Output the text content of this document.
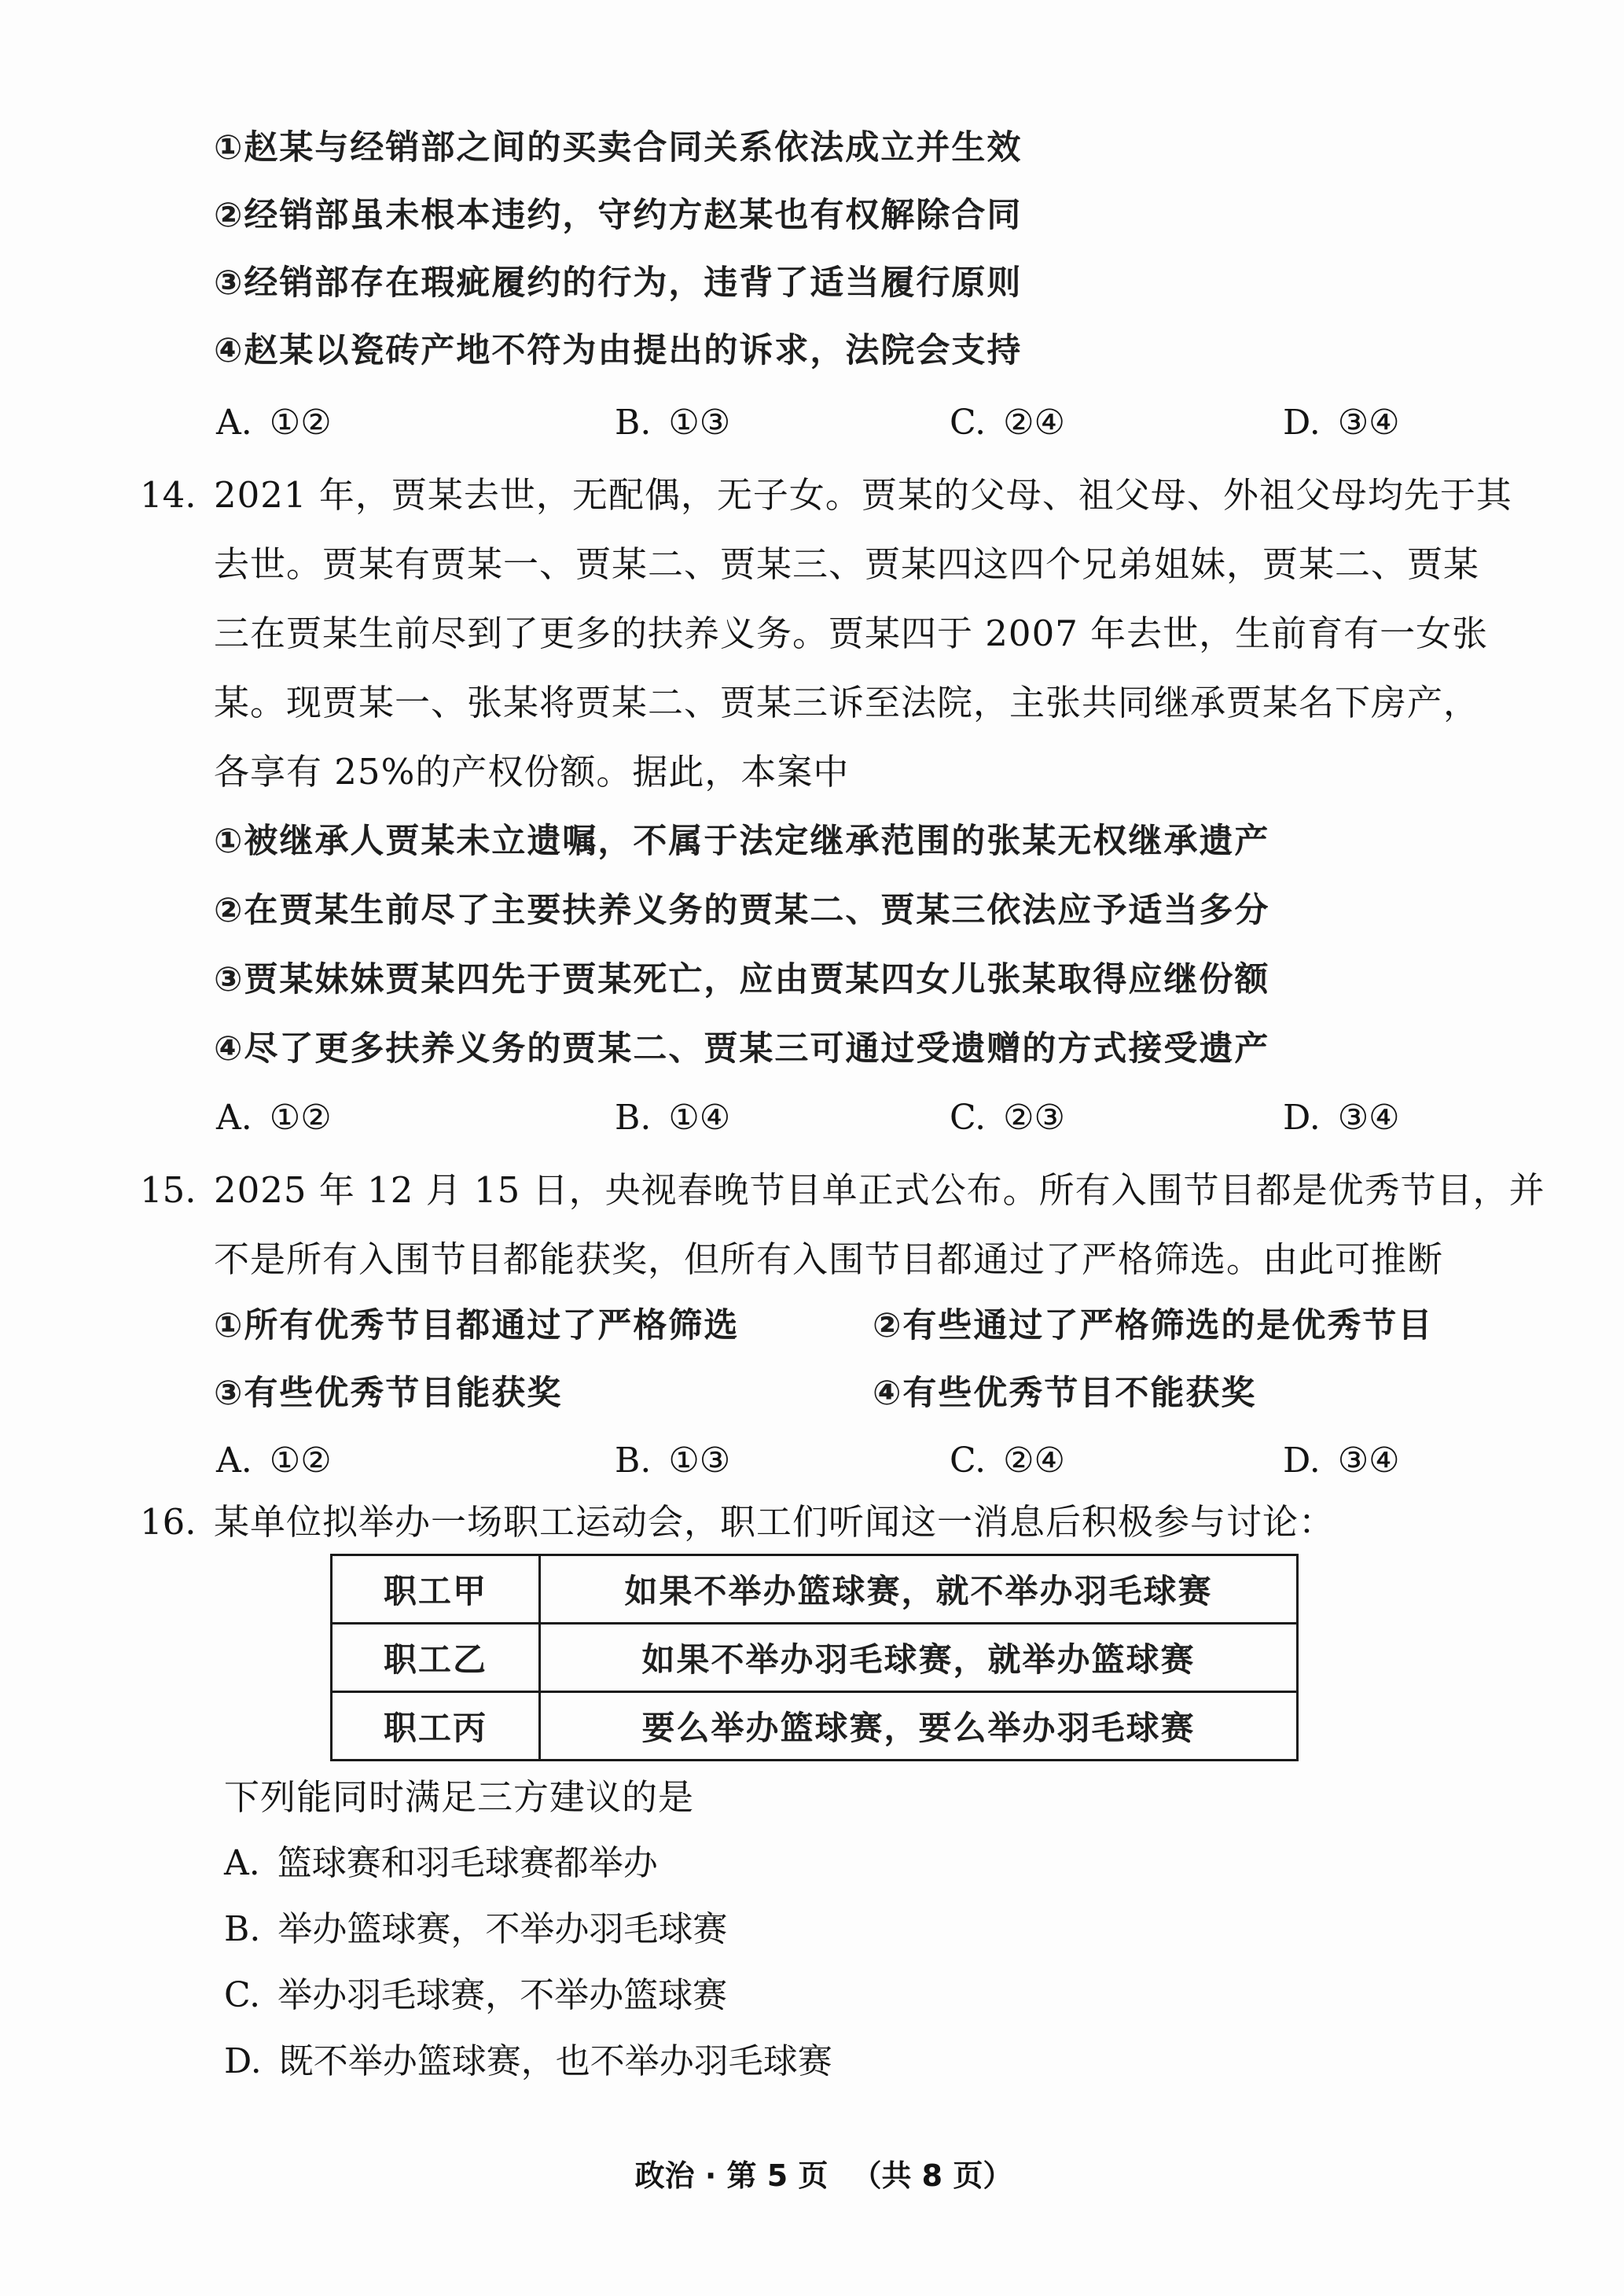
①赵某与经销部之间的买卖合同关系依法成立并生效
②经销部虽未根本违约，守约方赵某也有权解除合同
③经销部存在瑕疵履约的行为，违背了适当履行原则
④赵某以瓷砖产地不符为由提出的诉求，法院会支持
A. ①②	B. ①③	C. ②④	D. ③④
14. 2021 年，贾某去世，无配偶，无子女。贾某的父母、祖父母、外祖父母均先于其
去世。贾某有贾某一、贾某二、贾某三、贾某四这四个兄弟姐妹，贾某二、贾某
三在贾某生前尽到了更多的扶养义务。贾某四于 2007 年去世，生前育有一女张
某。现贾某一、张某将贾某二、贾某三诉至法院，主张共同继承贾某名下房产，
各享有 25%的产权份额。据此，本案中
①被继承人贾某未立遗嘱，不属于法定继承范围的张某无权继承遗产
②在贾某生前尽了主要扶养义务的贾某二、贾某三依法应予适当多分
③贾某妹妹贾某四先于贾某死亡，应由贾某四女儿张某取得应继份额
④尽了更多扶养义务的贾某二、贾某三可通过受遗赠的方式接受遗产
A. ①②	B. ①④	C. ②③	D. ③④
15. 2025 年 12 月 15 日，央视春晚节目单正式公布。所有入围节目都是优秀节目，并
不是所有入围节目都能获奖，但所有入围节目都通过了严格筛选。由此可推断
①所有优秀节目都通过了严格筛选	②有些通过了严格筛选的是优秀节目
③有些优秀节目能获奖	④有些优秀节目不能获奖
A. ①②	B. ①③	C. ②④	D. ③④
16. 某单位拟举办一场职工运动会，职工们听闻这一消息后积极参与讨论：
职工甲	如果不举办篮球赛，就不举办羽毛球赛
职工乙	如果不举办羽毛球赛，就举办篮球赛
职工丙	要么举办篮球赛，要么举办羽毛球赛
下列能同时满足三方建议的是
A. 篮球赛和羽毛球赛都举办
B. 举办篮球赛，不举办羽毛球赛
C. 举办羽毛球赛，不举办篮球赛
D. 既不举办篮球赛，也不举办羽毛球赛
政治 · 第 5 页 （共 8 页）
